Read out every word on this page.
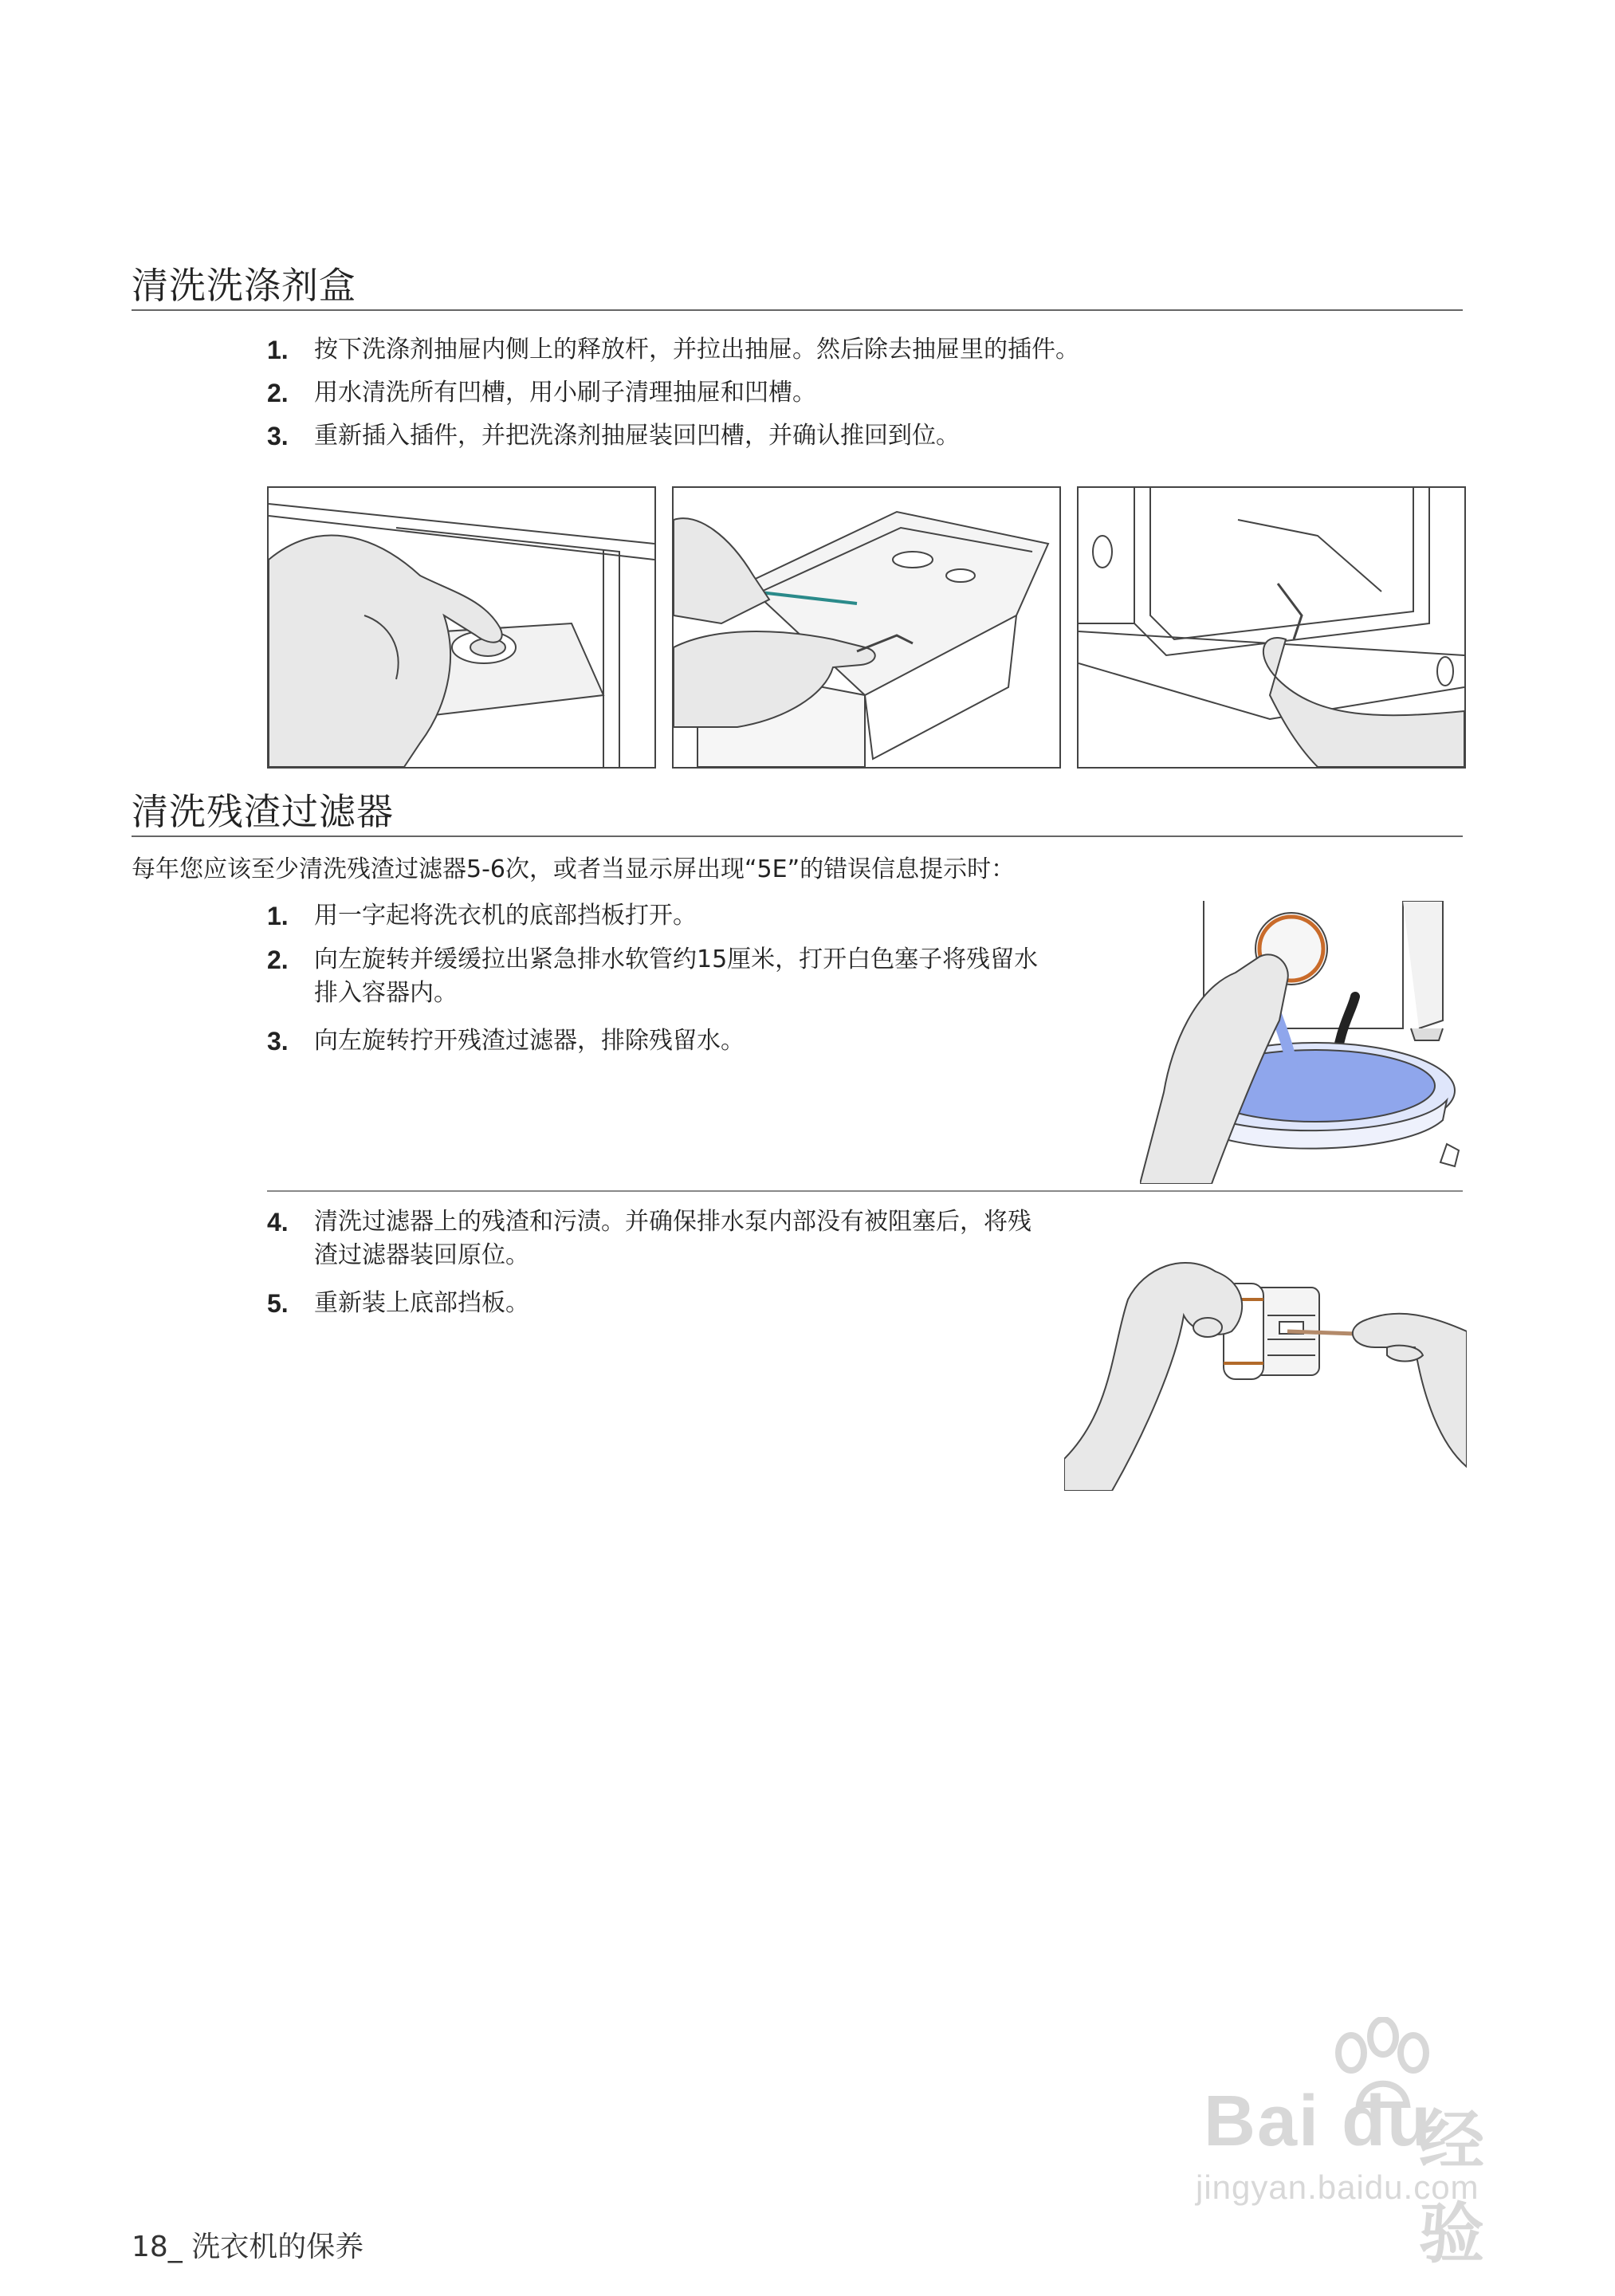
清洗洗涤剂盒
1. 按下洗涤剂抽屉内侧上的释放杆，并拉出抽屉。然后除去抽屉里的插件。
2. 用水清洗所有凹槽，用小刷子清理抽屉和凹槽。
3. 重新插入插件，并把洗涤剂抽屉装回凹槽，并确认推回到位。
清洗残渣过滤器
每年您应该至少清洗残渣过滤器5-6次，或者当显示屏出现“5E”的错误信息提示时：
1. 用一字起将洗衣机的底部挡板打开。
2. 向左旋转并缓缓拉出紧急排水软管约15厘米，打开白色塞子将残留水排入容器内。
3. 向左旋转拧开残渣过滤器，排除残留水。
4. 清洗过滤器上的残渣和污渍。并确保排水泵内部没有被阻塞后，将残渣过滤器装回原位。
5. 重新装上底部挡板。
Bai du
经验
jingyan.baidu.com
18_ 洗衣机的保养
